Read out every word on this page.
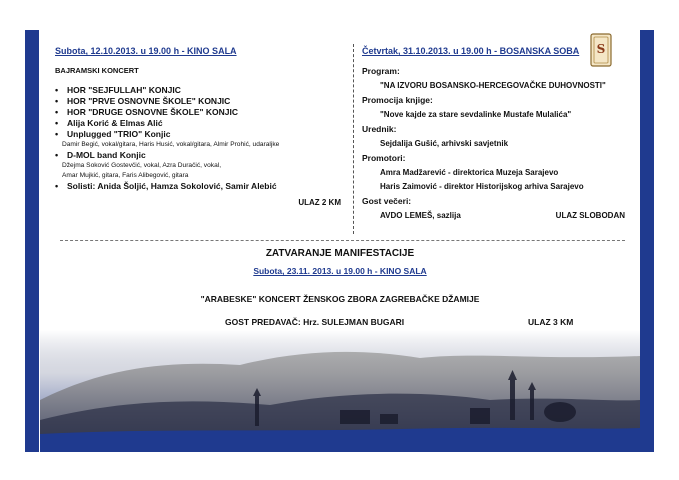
Subota, 12.10.2013. u 19.00 h - KINO SALA
BAJRAMSKI KONCERT
• HOR "SEJFULLAH" KONJIC
• HOR "PRVE OSNOVNE ŠKOLE" KONJIC
• HOR "DRUGE OSNOVNE ŠKOLE" KONJIC
• Alija Korić & Elmas Alić
• Unplugged "TRIO" Konjic
Damir Begić, vokal/gitara, Haris Husić, vokal/gitara, Almir Prohić, udaraljke
• D-MOL band Konjic
Džejma Soković Gostevčić, vokal, Azra Duračić, vokal,
Amar Mujkić, gitara, Faris Alibegović, gitara
• Solisti: Anida Šoljić, Hamza Sokolović, Samir Alebić
ULAZ 2 KM
Četvrtak, 31.10.2013. u 19.00 h - BOSANSKA SOBA
Program:
"NA IZVORU BOSANSKO-HERCEGOVAČKE DUHOVNOSTI"
Promocija knjige:
"Nove kajde za stare sevdalinke Mustafe Mulalića"
Urednik:
Sejdalija Gušić, arhivski savjetnik
Promotori:
Amra Madžarević - direktorica Muzeja Sarajevo
Haris Zaimović - direktor Historijskog arhiva Sarajevo
Gost večeri:
AVDO LEMEŠ, sazlija	ULAZ SLOBODAN
ZATVARANJE MANIFESTACIJE
Subota, 23.11. 2013. u 19.00 h - KINO SALA
"ARABESKE" KONCERT ŽENSKOG ZBORA ZAGREBAČKE DŽAMIJE
GOST PREDAVAČ: Hrz. SULEJMAN BUGARI	ULAZ 3 KM
S
